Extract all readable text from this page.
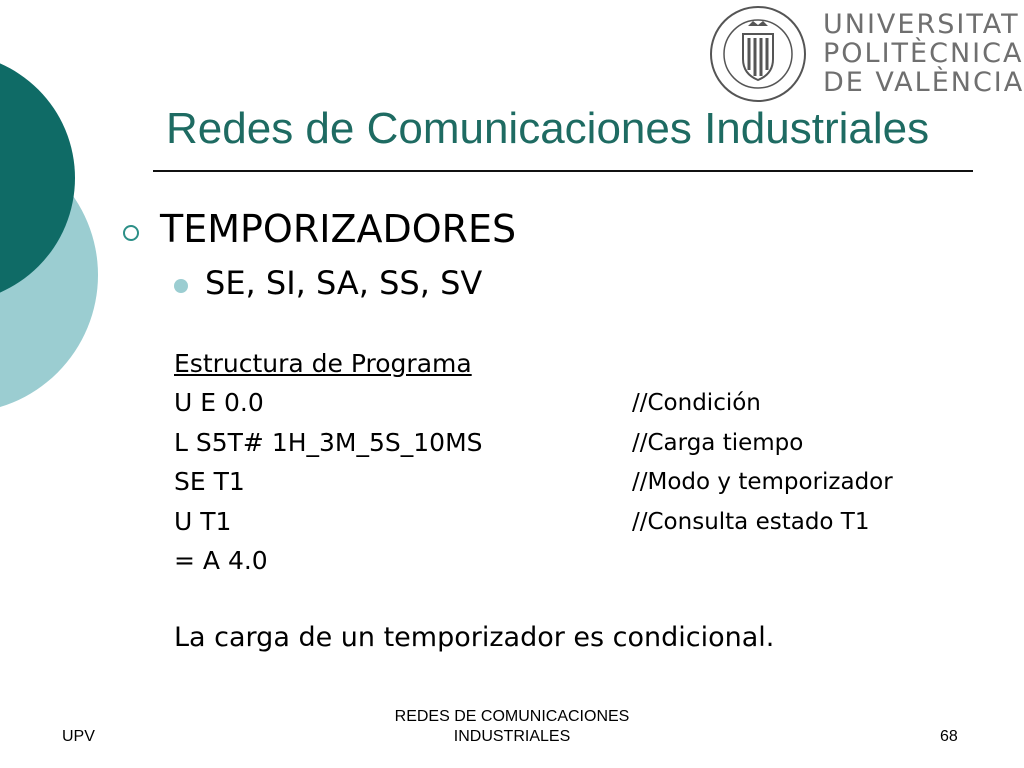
UNIVERSITAT
POLITÈCNICA
DE VALÈNCIA
Redes de Comunicaciones Industriales
TEMPORIZADORES
SE, SI, SA, SS, SV
Estructura de Programa
U E 0.0	//Condición
L S5T# 1H_3M_5S_10MS	//Carga tiempo
SE T1	//Modo y temporizador
U T1	//Consulta estado T1
= A 4.0
La carga de un temporizador es condicional.
UPV
REDES DE COMUNICACIONES
INDUSTRIALES	68
